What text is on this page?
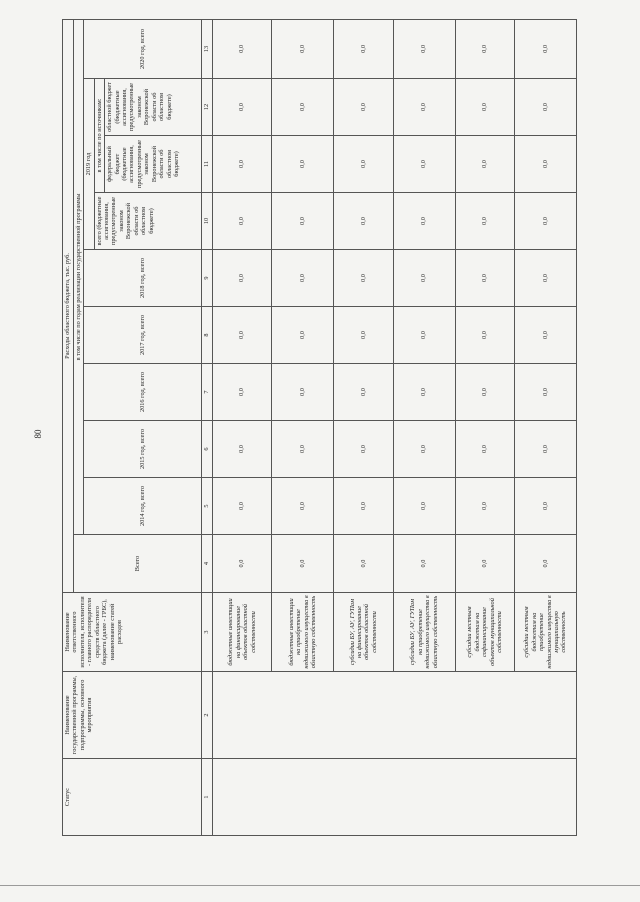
80
Статус	Наименование государственной программы, подпрограммы, основного мероприятия	Наименование ответственного исполнителя, исполнителя - главного распорядителя средств областного бюджета (далее - ГРБС), наименование статей расходов	Расходы областного бюджета, тыс. руб.									
			Всего	в том числе по годам реализации государственной программы								
				2014 год, всего	2015 год, всего	2016 год, всего	2017 год, всего	2018 год, всего	2019 год			2020 год, всего
									всего (бюджетные ассигнования, предусмотренные законом Воронежской области об областном бюджете)	в том числе по источникам:		
										федеральный бюджет (бюджетные ассигнования, предусмотренные законом Воронежской области об областном бюджете)	областной бюджет (бюджетные ассигнования, предусмотренные законом Воронежской области об областном бюджете)	
1	2	3	4	5	6	7	8	9	10	11	12	13
		бюджетные инвестиции на финансирование объектов областной собственности	0,0	0,0	0,0	0,0	0,0	0,0	0,0	0,0	0,0	0,0
		бюджетные инвестиции на приобретение недвижимого имущества в областную собственность	0,0	0,0	0,0	0,0	0,0	0,0	0,0	0,0	0,0	0,0
		субсидии БУ, АУ, ГУПам на финансирование объектов областной собственности	0,0	0,0	0,0	0,0	0,0	0,0	0,0	0,0	0,0	0,0
		субсидии БУ, АУ, ГУПам на приобретение недвижимого имущества в областную собственность	0,0	0,0	0,0	0,0	0,0	0,0	0,0	0,0	0,0	0,0
		субсидии местным бюджетам на софинансирование объектов муниципальной собственности	0,0	0,0	0,0	0,0	0,0	0,0	0,0	0,0	0,0	0,0
		субсидии местным бюджетам на приобретение недвижимого имущества в муниципальную собственность	0,0	0,0	0,0	0,0	0,0	0,0	0,0	0,0	0,0	0,0
